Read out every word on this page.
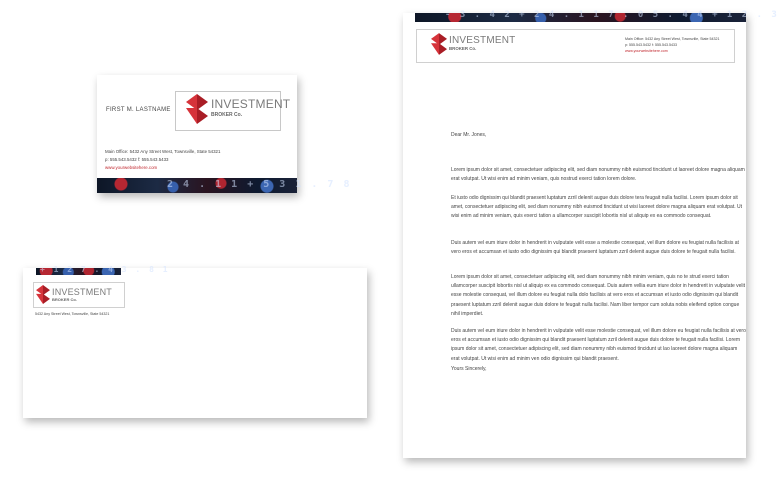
FIRST M. LASTNAME	INVESTMENT
BROKER Co.
Main Office: 5432 Any Street West, Townsville, State 54321
p: 555.543.5432 f: 555.543.5433
www.yourwebsitehere.com
2 4 . 1 1 + 5 3 1 . 7 8
+ 1 2 7 . 4 3 . 8 1
INVESTMENT
BROKER Co.
5432 Any Street West, Townsville, State 54321
- 3 . 4 2 + 2 4 . 1 1 7 . 0 5 . 4 4 + 1 2 . 3
INVESTMENT
BROKER Co.
Main Office: 5432 Any Street West, Townsville, State 54321
p: 555.543.5432 f: 555.543.5433
www.yourwebsitehere.com
Dear Mr. Jones,
Lorem ipsum dolor sit amet, consectetuer adipiscing elit, sed diam nonummy nibh euismod tincidunt ut laoreet dolore magna aliquam erat volutpat. Ut wisi enim ad minim veniam, quis nostrud exerci tation lorem dolore.
Et iusto odio dignissim qui blandit praesent luptatum zzril delenit augue duis dolore tera feugait nulla facilisi. Lorem ipsum dolor sit amet, consectetuer adipiscing elit, sed diam nonummy nibh euismod tincidunt ut wisi laoreet dolore magna aliquam erat volutpat. Ut wisi enim ad minim veniam, quis exerci tation a ullamcorper suscipit lobortis nisl ut aliquip ex ea commodo consequat.
Duis autem vel eum iriure dolor in hendrerit in vulputate velit esse a molestie consequat, vel illum dolore eu feugiat nulla facilisis at vero eros et accumsan et iusto odio dignissim qui blandit praesent luptatum zzril delenit augue duis dolore te feugait nulla facilisi.
Lorem ipsum dolor sit amet, consectetuer adipiscing elit, sed diam nonummy nibh minim veniam, quis no te strud exerci tation ullamcorper suscipit lobortis nisl ut aliquip ex ea commodo consequat. Duis autem vellia eum iriure dolor in hendrerit in vulputate velit esse molestie consequat, vel illum dolore eu feugiat nulla dolo facilisis at vero eros et accumsan et iusto odio dignissim qui blandit praesent luptatum zzril delenit augue duis dolore te feugait nulla facilisi. Nam liber tempor cum soluta nobis eleifend option congue nihil imperdiet.
Duis autem vel eum iriure dolor in hendrerit in vulputate velit esse molestie consequat, vel illum dolore eu feugiat nulla facilisis at vero eros et accumsan et iusto odio dignissim qui blandit praesent luptatum zzril delenit augue duis dolore te feugait nulla facilisi. Lorem ipsum dolor sit amet, consectetuer adipiscing elit, sed diam nonummy nibh euismod tincidunt ut lao laoreet dolore magna aliquam erat volutpat. Ut wisi enim ad minim ven odio dignissim qui blandit praesent.
Yours Sincerely,
